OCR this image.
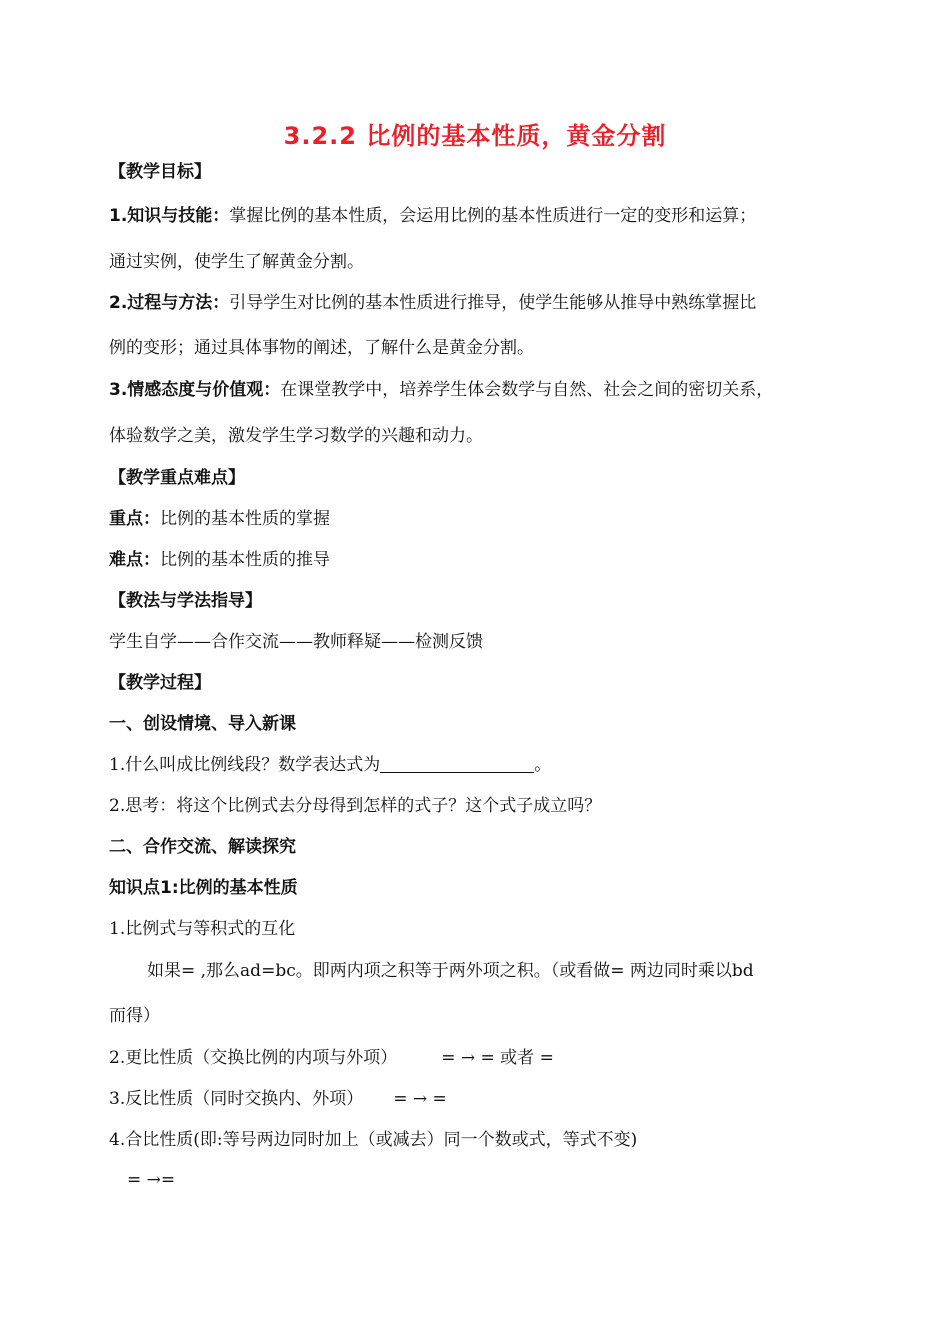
3.2.2 比例的基本性质，黄金分割
【教学目标】
1.知识与技能：掌握比例的基本性质，会运用比例的基本性质进行一定的变形和运算；
通过实例，使学生了解黄金分割。
2.过程与方法：引导学生对比例的基本性质进行推导，使学生能够从推导中熟练掌握比
例的变形；通过具体事物的阐述，了解什么是黄金分割。
3.情感态度与价值观：在课堂教学中，培养学生体会数学与自然、社会之间的密切关系，
体验数学之美，激发学生学习数学的兴趣和动力。
【教学重点难点】
重点：比例的基本性质的掌握
难点：比例的基本性质的推导
【教法与学法指导】
学生自学——合作交流——教师释疑——检测反馈
【教学过程】
一、创设情境、导入新课
1.什么叫成比例线段？数学表达式为	。
2.思考：将这个比例式去分母得到怎样的式子？这个式子成立吗？
二、合作交流、解读探究
知识点1:比例的基本性质
1.比例式与等积式的互化
如果= ,那么ad=bc。即两内项之积等于两外项之积。（或看做= 两边同时乘以bd
而得）
2.更比性质（交换比例的内项与外项）	= → = 或者 =
3.反比性质（同时交换内、外项） = → =
4.合比性质(即:等号两边同时加上（或减去）同一个数或式，等式不变)
= →=
